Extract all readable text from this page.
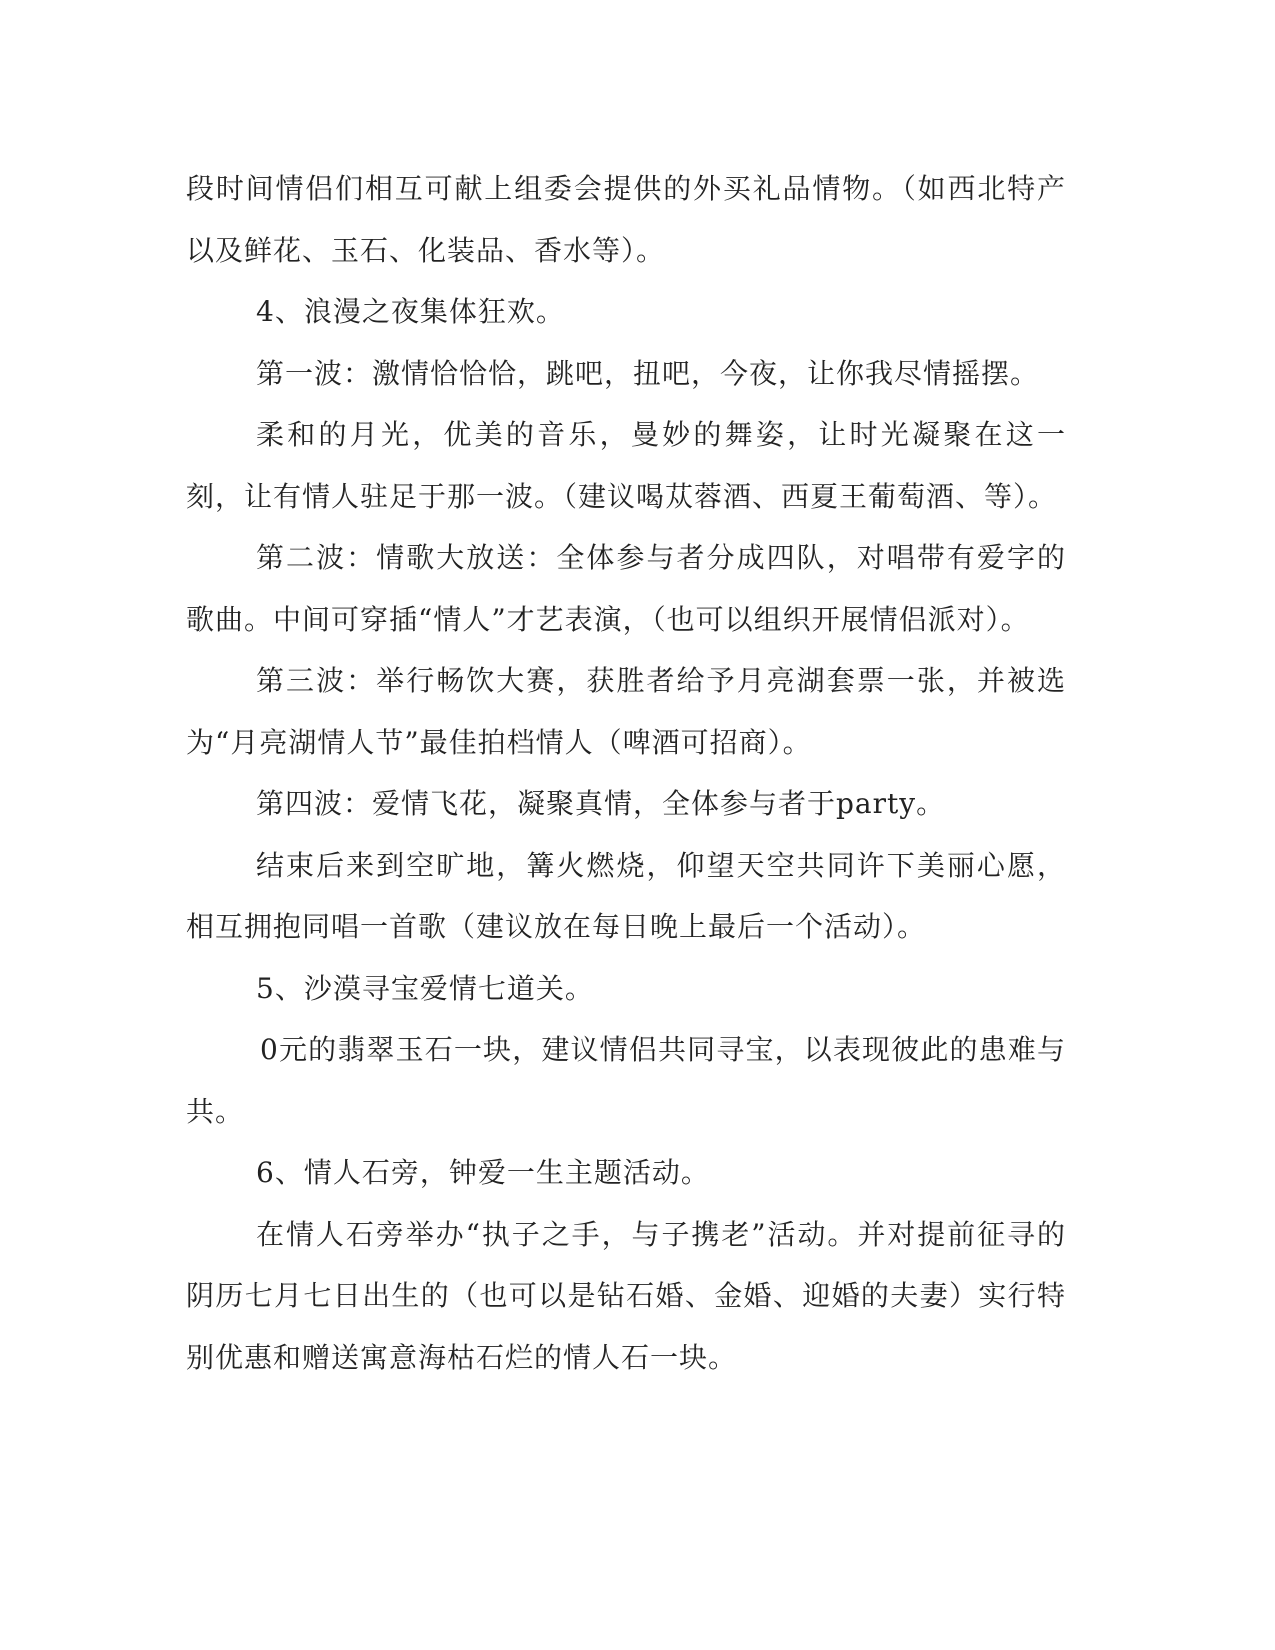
段时间情侣们相互可献上组委会提供的外买礼品情物。（如西北特产以及鲜花、玉石、化装品、香水等）。

4、浪漫之夜集体狂欢。

第一波：激情恰恰恰，跳吧，扭吧，今夜，让你我尽情摇摆。

柔和的月光，优美的音乐，曼妙的舞姿，让时光凝聚在这一刻，让有情人驻足于那一波。（建议喝苁蓉酒、西夏王葡萄酒、等）。

第二波：情歌大放送：全体参与者分成四队，对唱带有爱字的歌曲。中间可穿插“情人”才艺表演，（也可以组织开展情侣派对）。

第三波：举行畅饮大赛，获胜者给予月亮湖套票一张，并被选为“月亮湖情人节”最佳拍档情人（啤酒可招商）。

第四波：爱情飞花，凝聚真情，全体参与者于party。

结束后来到空旷地，篝火燃烧，仰望天空共同许下美丽心愿，相互拥抱同唱一首歌（建议放在每日晚上最后一个活动）。

5、沙漠寻宝爱情七道关。

0元的翡翠玉石一块，建议情侣共同寻宝，以表现彼此的患难与共。

6、情人石旁，钟爱一生主题活动。

在情人石旁举办“执子之手，与子携老”活动。并对提前征寻的阴历七月七日出生的（也可以是钻石婚、金婚、迎婚的夫妻）实行特别优惠和赠送寓意海枯石烂的情人石一块。
